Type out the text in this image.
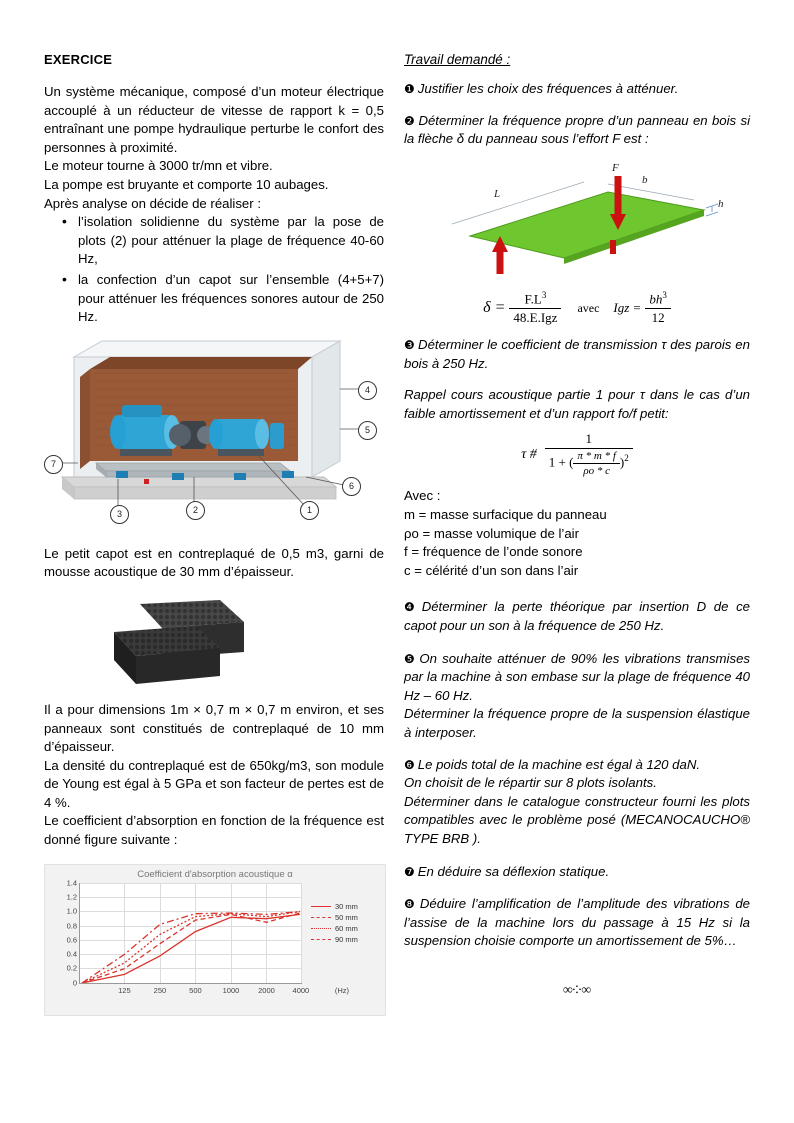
EXERCICE

Un système mécanique, composé d’un moteur électrique accouplé à un réducteur de vitesse de rapport k = 0,5 entraînant une pompe hydraulique perturbe le confort des personnes à proximité.

Le moteur tourne à 3000 tr/mn et vibre.

La pompe est bruyante et comporte 10 aubages.

Après analyse on décide de réaliser :

• l’isolation solidienne du système par la pose de plots (2) pour atténuer la plage de fréquence 40-60 Hz,
• la confection d’un capot sur l’ensemble (4+5+7) pour atténuer les fréquences sonores autour de 250 Hz.
4
5
7
6
1
2
3
Le petit capot est en contreplaqué de 0,5 m3, garni de mousse acoustique de 30 mm d’épaisseur.

Il a pour dimensions 1m × 0,7 m × 0,7 m environ, et ses panneaux sont constitués de contreplaqué de 10 mm d’épaisseur.

La densité du contreplaqué est de 650kg/m3, son module de Young est égal à 5 GPa et son facteur de pertes est de 4 %.

Le coefficient d’absorption en fonction de la fréquence est donné figure suivante :

Coefficient d'absorption acoustique α
1.4
1.2
1.0
0.8
0.6
0.4
0.2
0
125	250	500	1000	2000 4000	(Hz)
30 mm
50 mm
60 mm
90 mm
Travail demandé :
❶ Justifier les choix des fréquences à atténuer.
❷ Déterminer la fréquence propre d’un panneau en bois si la flèche δ du panneau sous l’effort F est :
F
b
L
h
$\delta = \frac{F.L^3}{\text{48.E.Igz}}$ avec Igz = $\frac{bh^3}{12}$
❸ Déterminer le coefficient de transmission τ des parois en bois à 250 Hz.
Rappel cours acoustique partie 1 pour τ dans le cas d’un faible amortissement et d’un rapport fo/f petit:
τ # $\frac{1}{1 + ( \frac{\pi * m * f}{\rho o * c} )^2}$
Avec :
m = masse surfacique du panneau
ρo = masse volumique de l’air
f = fréquence de l’onde sonore
c = célérité d’un son dans l’air
❹ Déterminer la perte théorique par insertion D de ce capot pour un son à la fréquence de 250 Hz.
❺ On souhaite atténuer de 90% les vibrations transmises par la machine à son embase sur la plage de fréquence 40 Hz – 60 Hz.
Déterminer la fréquence propre de la suspension élastique à interposer.
❻ Le poids total de la machine est égal à 120 daN.
On choisit de le répartir sur 8 plots isolants.
Déterminer dans le catalogue constructeur fourni les plots compatibles avec le problème posé (MECANOCAUCHO® TYPE BRB ).
❼ En déduire sa déflexion statique.
❽ Déduire l’amplification de l’amplitude des vibrations de l’assise de la machine lors du passage à 15 Hz si la suspension choisie comporte un amortissement de 5%…
∞༶∞
